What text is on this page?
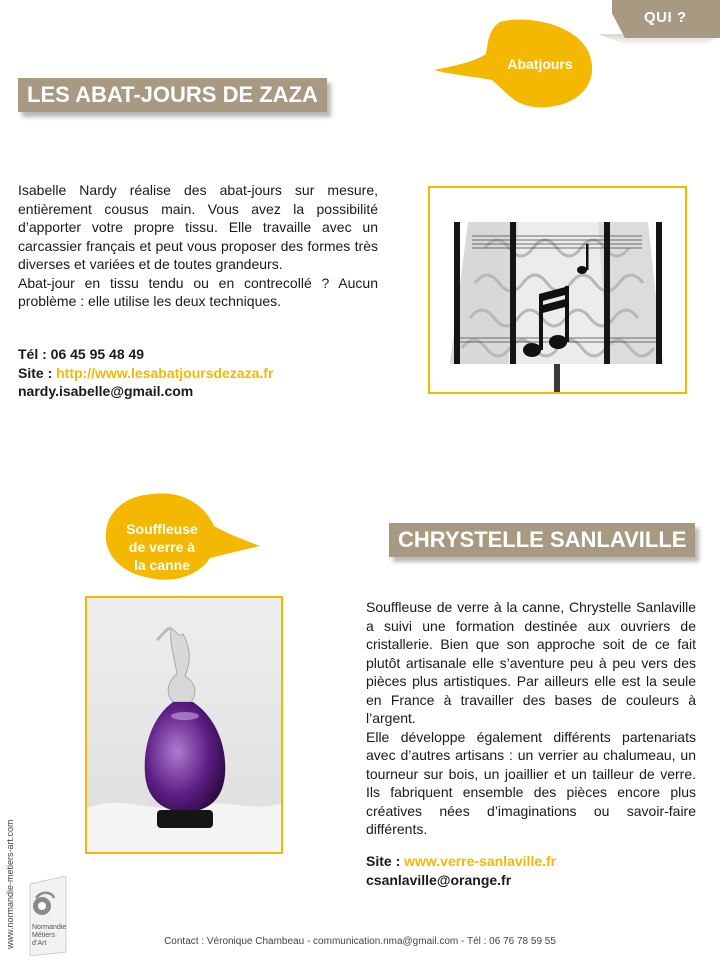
QUI ?
Abatjours
LES ABAT-JOURS DE ZAZA

Isabelle Nardy réalise des abat-jours sur mesure, entièrement cousus main. Vous avez la possibilité d’apporter votre propre tissu. Elle travaille avec un carcassier français et peut vous proposer des formes très diverses et variées et de toutes grandeurs.

Abat-jour en tissu tendu ou en contrecollé ? Aucun problème : elle utilise les deux techniques.

Tél : 06 45 95 48 49
Site : http://www.lesabatjoursdezaza.fr
nardy.isabelle@gmail.com
Souffleuse
de verre à
la canne
CHRYSTELLE SANLAVILLE

Souffleuse de verre à la canne, Chrystelle Sanlaville a suivi une formation destinée aux ouvriers de cristallerie. Bien que son approche soit de ce fait plutôt artisanale elle s’aventure peu à peu vers des pièces plus artistiques. Par ailleurs elle est la seule en France à travailler des bases de couleurs à l’argent.

Elle développe également différents partenariats avec d’autres artisans : un verrier au chalumeau, un tourneur sur bois, un joaillier et un tailleur de verre. Ils fabriquent ensemble des pièces encore plus créatives nées d’imaginations ou savoir-faire différents.

Site : www.verre-sanlaville.fr
csanlaville@orange.fr
www.normandie-metiers-art.com Normandie
Métiers
d’Art	Contact : Véronique Chambeau - communication.nma@gmail.com - Tél : 06 76 78 59 55
